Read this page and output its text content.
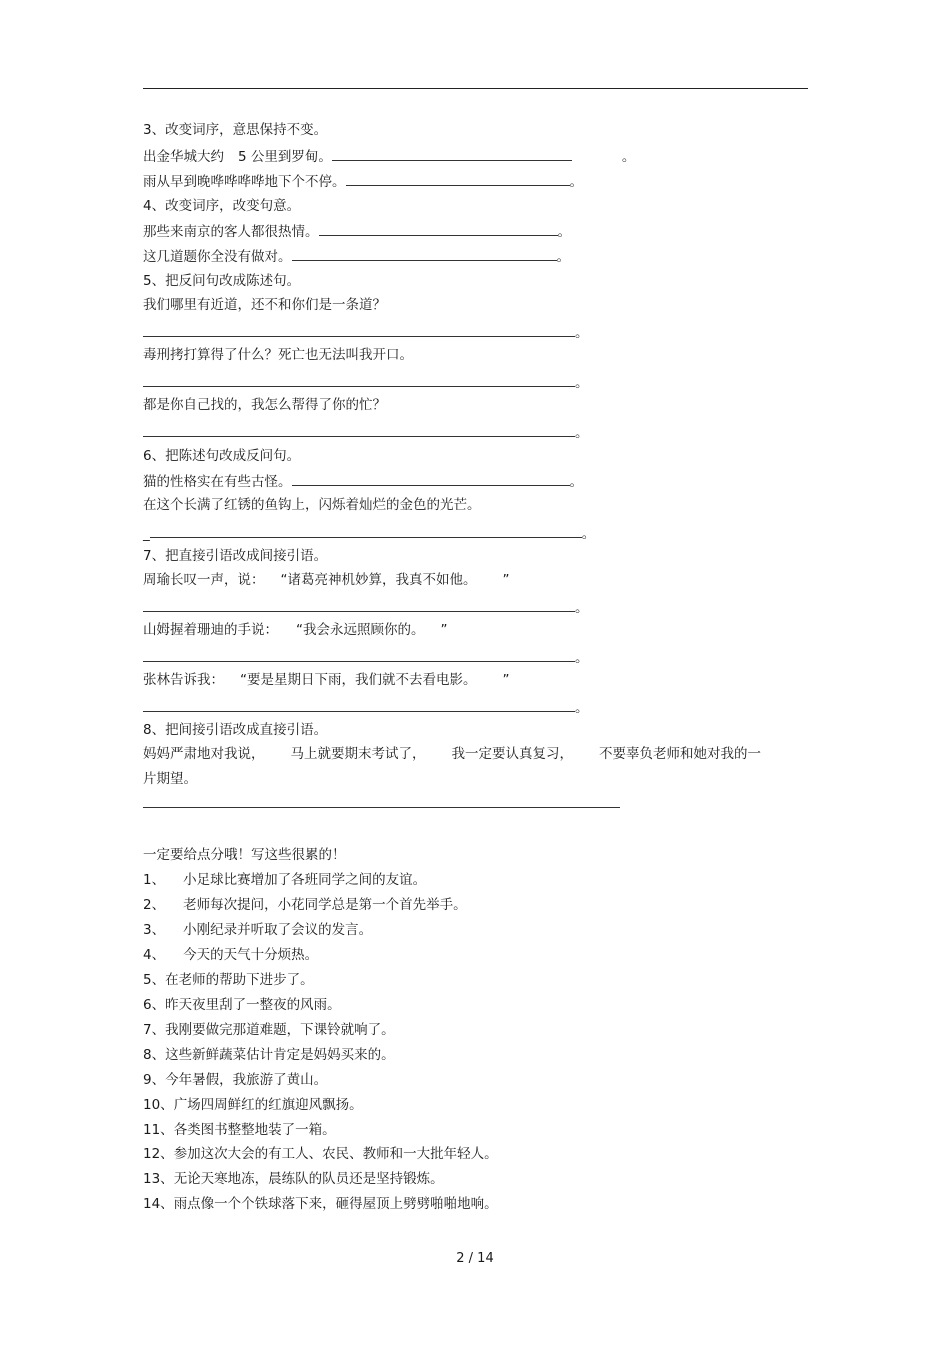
3、改变词序，意思保持不变。
出金华城大约 5 公里到罗甸。	。
雨从早到晚哗哗哗哗地下个不停。	。
4、改变词序，改变句意。
那些来南京的客人都很热情。	。
这几道题你全没有做对。	。
5、把反问句改成陈述句。
我们哪里有近道，还不和你们是一条道？
。
毒刑拷打算得了什么？死亡也无法叫我开口。
。
都是你自己找的，我怎么帮得了你的忙？
。
6、把陈述句改成反问句。
猫的性格实在有些古怪。	。
在这个长满了红锈的鱼钩上，闪烁着灿烂的金色的光芒。
_	。
7、把直接引语改成间接引语。
周瑜长叹一声，说： “诸葛亮神机妙算，我真不如他。 ”
。
山姆握着珊迪的手说： “我会永远照顾你的。 ”
。
张林告诉我： “要是星期日下雨，我们就不去看电影。 ”
。
8、把间接引语改成直接引语。
妈妈严肃地对我说， 马上就要期末考试了， 我一定要认真复习， 不要辜负老师和她对我的一
片期望。
一定要给点分哦！写这些很累的！
1、 小足球比赛增加了各班同学之间的友谊。
2、 老师每次提问，小花同学总是第一个首先举手。
3、 小刚纪录并听取了会议的发言。
4、 今天的天气十分烦热。
5、在老师的帮助下进步了。
6、昨天夜里刮了一整夜的风雨。
7、我刚要做完那道难题，下课铃就响了。
8、这些新鲜蔬菜估计肯定是妈妈买来的。
9、今年暑假，我旅游了黄山。
10、广场四周鲜红的红旗迎风飘扬。
11、各类图书整整地装了一箱。
12、参加这次大会的有工人、农民、教师和一大批年轻人。
13、无论天寒地冻，晨练队的队员还是坚持锻炼。
14、雨点像一个个铁球落下来，砸得屋顶上劈劈啪啪地响。
2 / 14
